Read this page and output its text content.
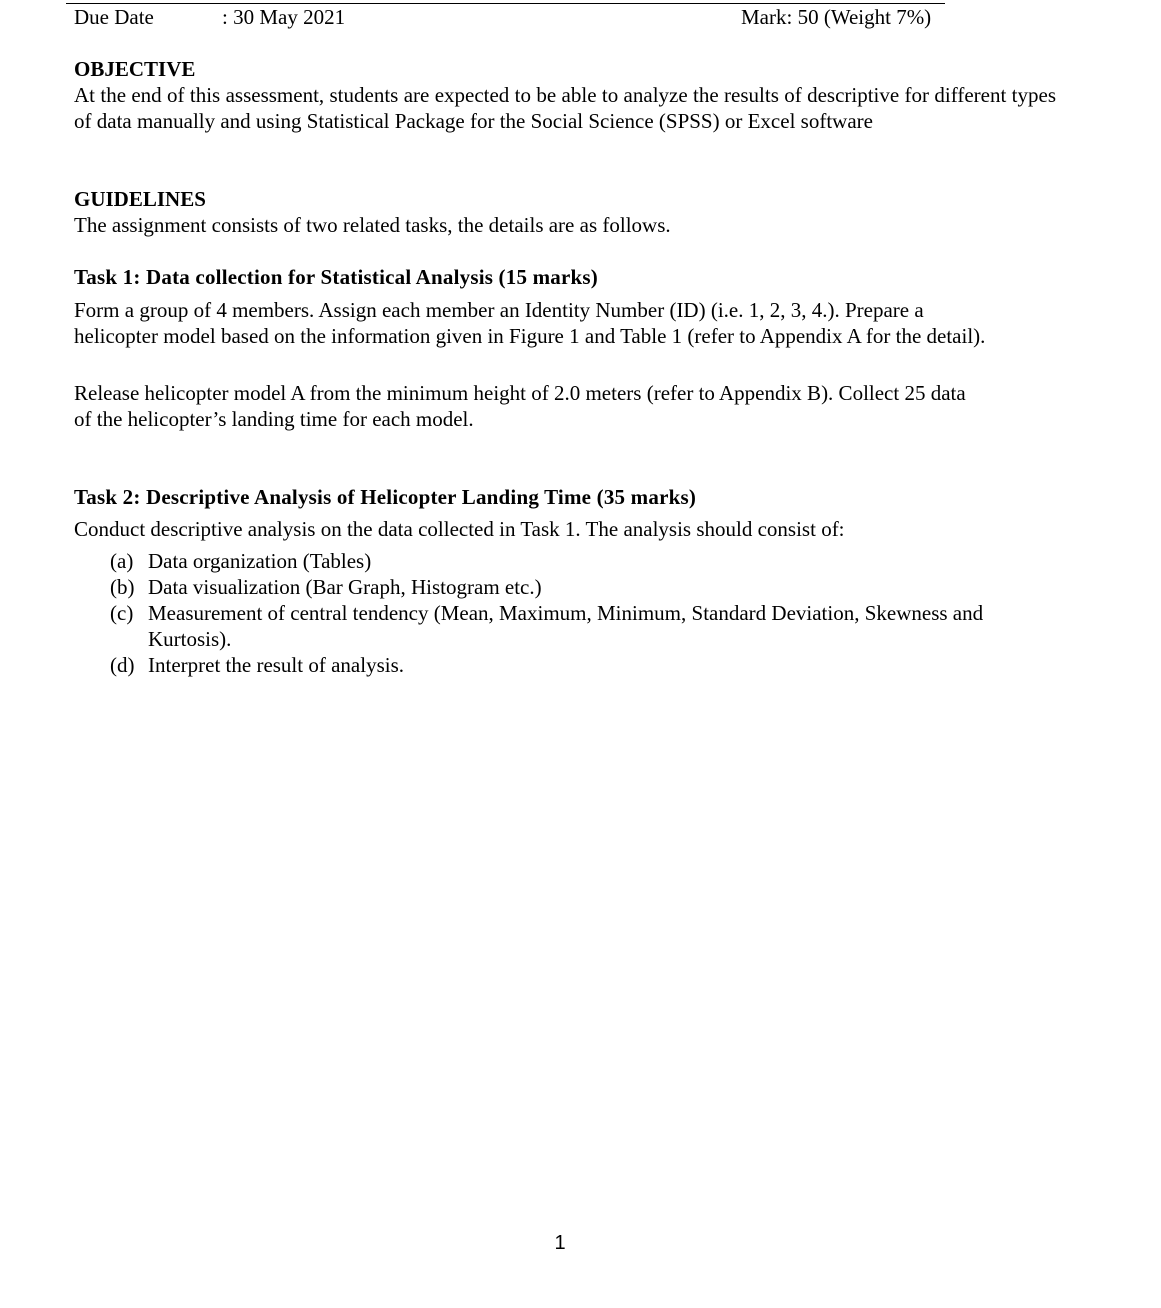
Due Date	: 30 May 2021	Mark: 50 (Weight 7%)

OBJECTIVE

At the end of this assessment, students are expected to be able to analyze the results of descriptive for different types of data manually and using Statistical Package for the Social Science (SPSS) or Excel software

GUIDELINES

The assignment consists of two related tasks, the details are as follows.

Task 1: Data collection for Statistical Analysis (15 marks)

Form a group of 4 members. Assign each member an Identity Number (ID) (i.e. 1, 2, 3, 4.). Prepare a

helicopter model based on the information given in Figure 1 and Table 1 (refer to Appendix A for the detail).

Release helicopter model A from the minimum height of 2.0 meters (refer to Appendix B). Collect 25 data

of the helicopter’s landing time for each model.

Task 2: Descriptive Analysis of Helicopter Landing Time (35 marks)

Conduct descriptive analysis on the data collected in Task 1. The analysis should consist of:

(a) Data organization (Tables)
(b) Data visualization (Bar Graph, Histogram etc.)
(c) Measurement of central tendency (Mean, Maximum, Minimum, Standard Deviation, Skewness and Kurtosis).
(d) Interpret the result of analysis.
1
